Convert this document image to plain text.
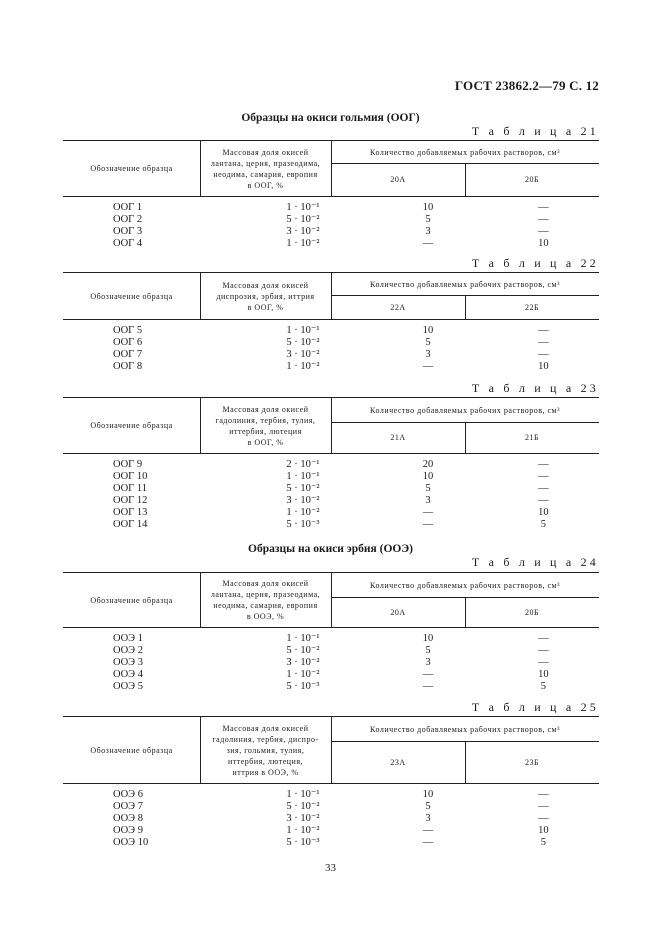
ГОСТ 23862.2—79 С. 12
Образцы на окиси гольмия (ООГ)
Т а б л и ц а 21
Обозначение образца
Массовая доля окисей
лантана, церия, празеодима,
неодима, самария, европия
в ООГ, %
Количество добавляемых рабочих растворов, см³
20А	20Б
ООГ 1	1 · 10⁻¹	10	—
ООГ 2	5 · 10⁻²	5	—
ООГ 3	3 · 10⁻²	3	—
ООГ 4	1 · 10⁻²	—	10
Т а б л и ц а 22
Обозначение образца
Массовая доля окисей
диспрозия, эрбия, иттрия
в ООГ, %
Количество добавляемых рабочих растворов, см³
22А	22Б
ООГ 5	1 · 10⁻¹	10	—
ООГ 6	5 · 10⁻²	5	—
ООГ 7	3 · 10⁻²	3	—
ООГ 8	1 · 10⁻²	—	10
Т а б л и ц а 23
Обозначение образца
Массовая доля окисей
гадолиния, тербия, тулия,
иттербия, лютеция
в ООГ, %
Количество добавляемых рабочих растворов, см³
21А	21Б
ООГ 9	2 · 10⁻¹	20	—
ООГ 10	1 · 10⁻¹	10	—
ООГ 11	5 · 10⁻²	5	—
ООГ 12	3 · 10⁻²	3	—
ООГ 13	1 · 10⁻²	—	10
ООГ 14	5 · 10⁻³	—	5
Образцы на окиси эрбия (ООЭ)
Т а б л и ц а 24
Обозначение образца
Массовая доля окисей
лантана, церия, празеодима,
неодима, самария, европия
в ООЭ, %
Количество добавляемых рабочих растворов, см³
20А	20Б
ООЭ 1	1 · 10⁻¹	10	—
ООЭ 2	5 · 10⁻²	5	—
ООЭ 3	3 · 10⁻²	3	—
ООЭ 4	1 · 10⁻²	—	10
ООЭ 5	5 · 10⁻³	—	5
Т а б л и ц а 25
Обозначение образца
Массовая доля окисей
гадолиния, тербия, диспро-
зия, гольмия, тулия,
иттербия, лютеция,
иттрия в ООЭ, %
Количество добавляемых рабочих растворов, см³
23А	23Б
ООЭ 6	1 · 10⁻¹	10	—
ООЭ 7	5 · 10⁻²	5	—
ООЭ 8	3 · 10⁻²	3	—
ООЭ 9	1 · 10⁻²	—	10
ООЭ 10	5 · 10⁻³	—	5
33
